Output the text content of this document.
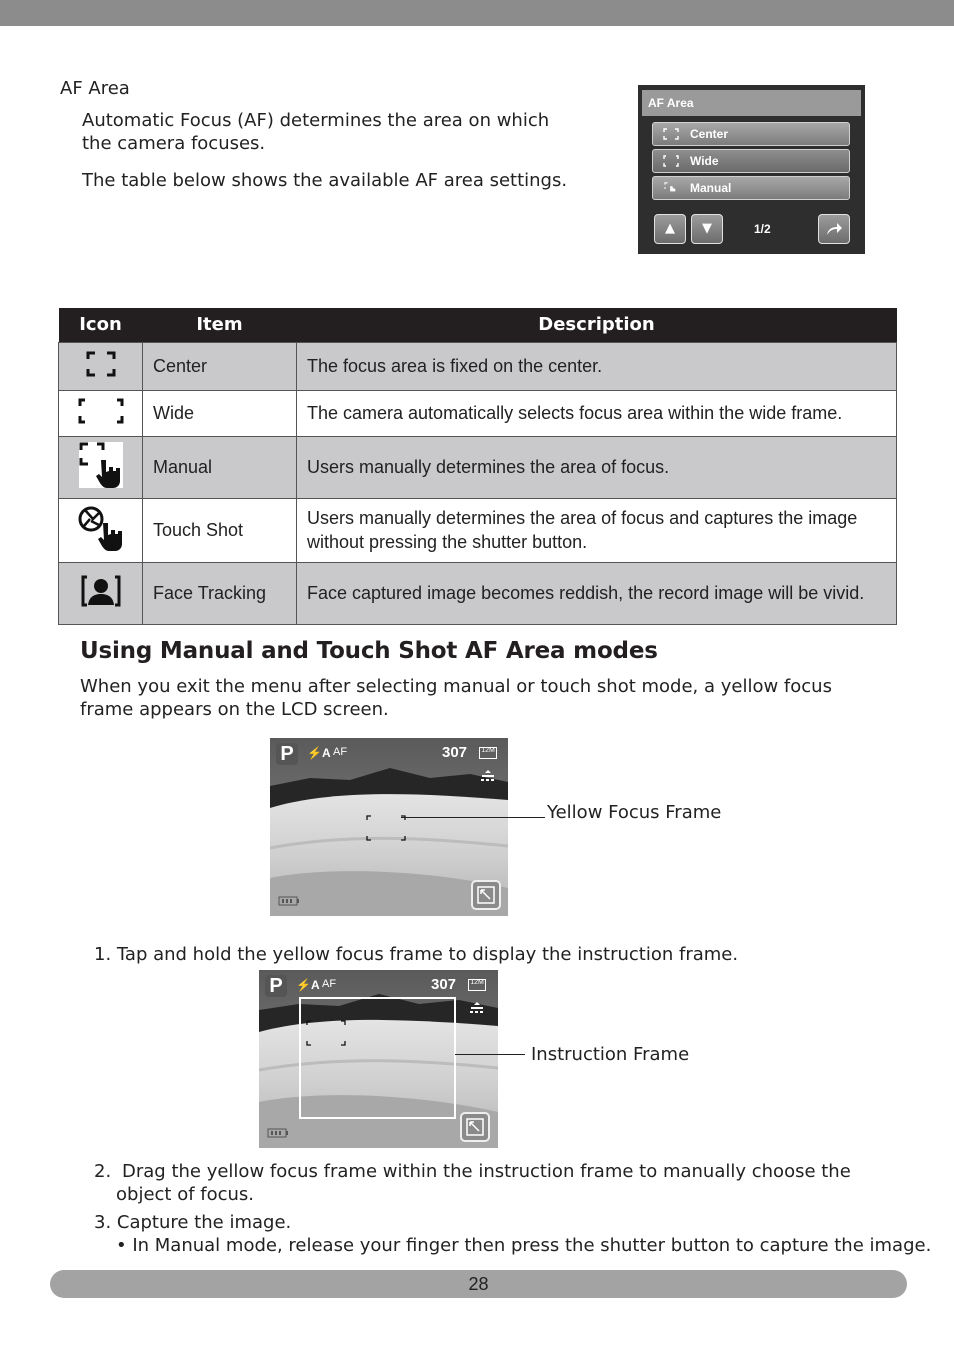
AF Area
Automatic Focus (AF) determines the area on which the camera focuses.
The table below shows the available AF area settings.
AF Area
Center
Wide
Manual
▲	▼	1/2
Icon	Item	Description
	Center	The focus area is fixed on the center.
	Wide	The camera automatically selects focus area within the wide frame.
	Manual	Users manually determines the area of focus.
	Touch Shot	Users manually determines the area of focus and captures the image without pressing the shutter button.
	Face Tracking	Face captured image becomes reddish, the record image will be vivid.
Using Manual and Touch Shot AF Area modes
When you exit the menu after selecting manual or touch shot mode, a yellow focus frame appears on the LCD screen.
P	⚡A AF	307	12M
Yellow Focus Frame
1. Tap and hold the yellow focus frame to display the instruction frame.
P	⚡A AF	307	12M
Instruction Frame
2. Drag the yellow focus frame within the instruction frame to manually choose the object of focus.
3. Capture the image.
• In Manual mode, release your finger then press the shutter button to capture the image.
28
